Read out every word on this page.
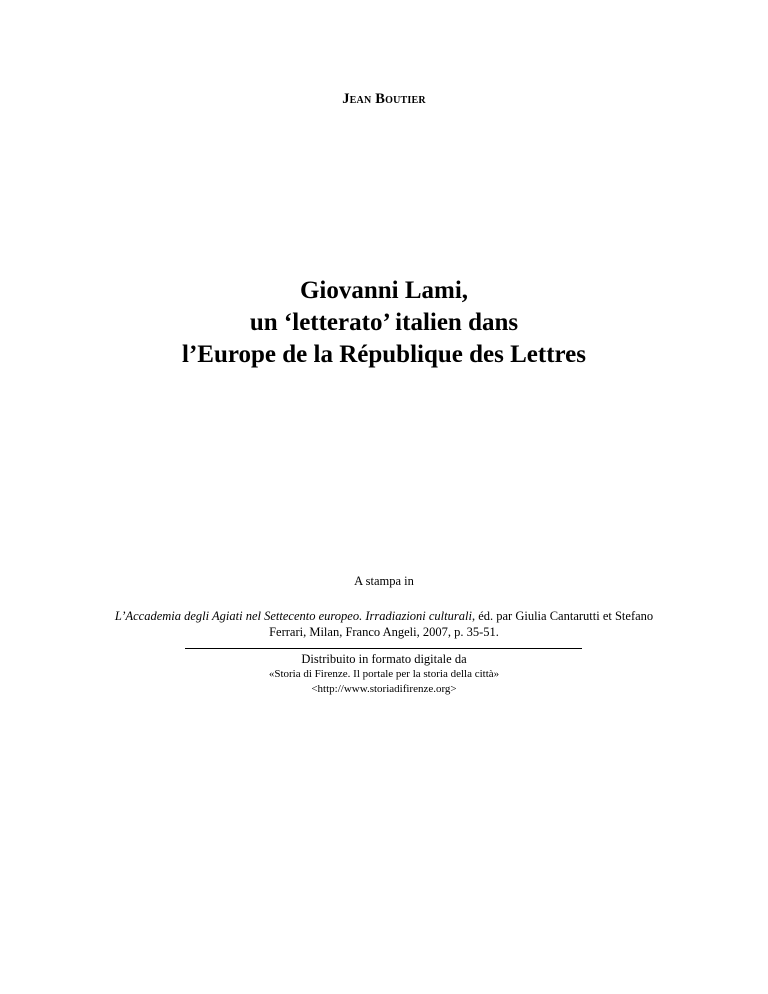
Jean Boutier
Giovanni Lami,
un ‘letterato’ italien dans
l’Europe de la République des Lettres
A stampa in
L’Accademia degli Agiati nel Settecento europeo. Irradiazioni culturali, éd. par Giulia Cantarutti et Stefano
Ferrari, Milan, Franco Angeli, 2007, p. 35-51.
Distribuito in formato digitale da
«Storia di Firenze. Il portale per la storia della città»
<http://www.storiadifirenze.org>
